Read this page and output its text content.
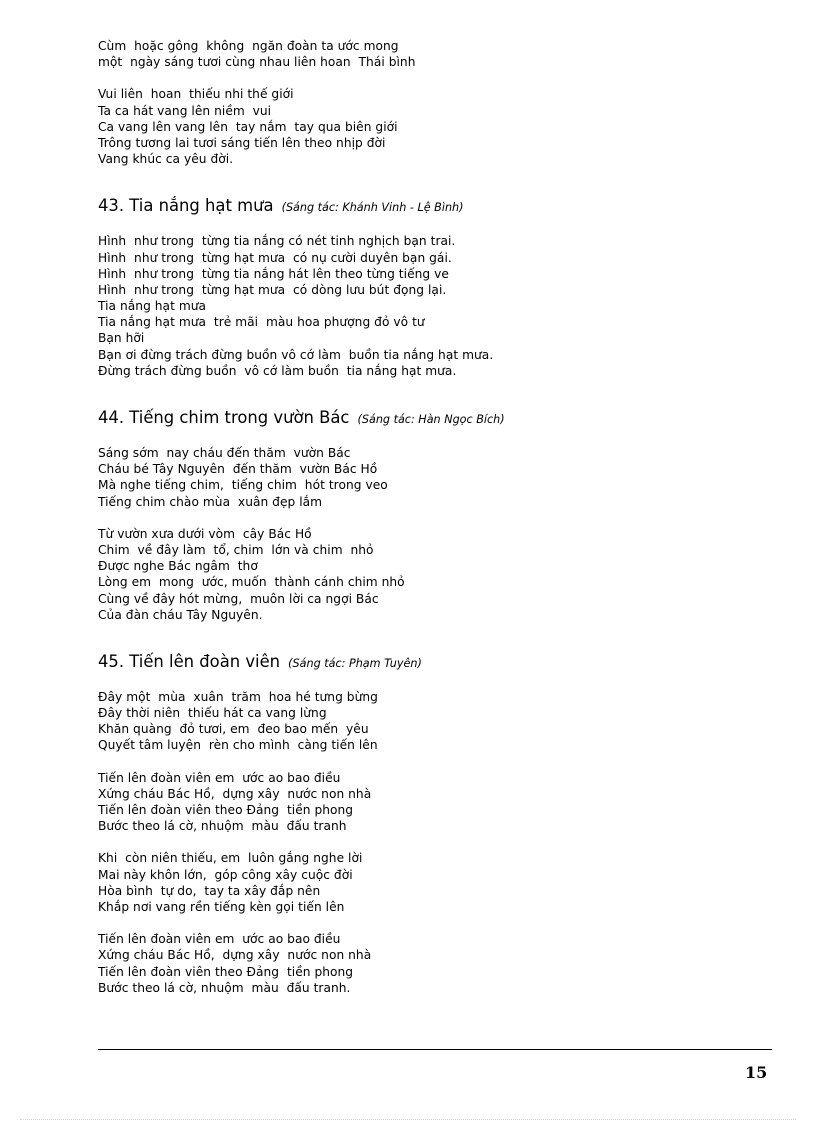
Cùm  hoặc gông  không  ngăn đoàn ta ước mong
một  ngày sáng tươi cùng nhau liên hoan  Thái bình
Vui liên  hoan  thiếu nhi thế giới
Ta ca hát vang lên niềm  vui
Ca vang lên vang lên  tay nắm  tay qua biên giới
Trông tương lai tươi sáng tiến lên theo nhịp đời
Vang khúc ca yêu đời.
43. Tia nắng hạt mưa (Sáng tác: Khánh Vinh - Lệ Bình)
Hình  như trong  từng tia nắng có nét tinh nghịch bạn trai.
Hình  như trong  từng hạt mưa  có nụ cười duyên bạn gái.
Hình  như trong  từng tia nắng hát lên theo từng tiếng ve
Hình  như trong  từng hạt mưa  có dòng lưu bút đọng lại.
Tia nắng hạt mưa
Tia nắng hạt mưa  trẻ mãi  màu hoa phượng đỏ vô tư
Bạn hỡi
Bạn ơi đừng trách đừng buồn vô cớ làm  buồn tia nắng hạt mưa.
Đừng trách đừng buồn  vô cớ làm buồn  tia nắng hạt mưa.
44. Tiếng chim trong vườn Bác (Sáng tác: Hàn Ngọc Bích)
Sáng sớm  nay cháu đến thăm  vườn Bác
Cháu bé Tây Nguyên  đến thăm  vườn Bác Hồ
Mà nghe tiếng chim,  tiếng chim  hót trong veo
Tiếng chim chào mùa  xuân đẹp lắm
Từ vườn xưa dưới vòm  cây Bác Hồ
Chim  về đây làm  tổ, chim  lớn và chim  nhỏ
Được nghe Bác ngâm  thơ
Lòng em  mong  ước, muốn  thành cánh chim nhỏ
Cùng về đây hót mừng,  muôn lời ca ngợi Bác
Của đàn cháu Tây Nguyên.
45. Tiến lên đoàn viên (Sáng tác: Phạm Tuyên)
Đây một  mùa  xuân  trăm  hoa hé tưng bừng
Đây thời niên  thiếu hát ca vang lừng
Khăn quàng  đỏ tươi, em  đeo bao mến  yêu
Quyết tâm luyện  rèn cho mình  càng tiến lên
Tiến lên đoàn viên em  ước ao bao điều
Xứng cháu Bác Hồ,  dựng xây  nước non nhà
Tiến lên đoàn viên theo Đảng  tiền phong
Bước theo lá cờ, nhuộm  màu  đấu tranh
Khi  còn niên thiếu, em  luôn gắng nghe lời
Mai này khôn lớn,  góp công xây cuộc đời
Hòa bình  tự do,  tay ta xây đắp nên
Khắp nơi vang rền tiếng kèn gọi tiến lên
Tiến lên đoàn viên em  ước ao bao điều
Xứng cháu Bác Hồ,  dựng xây  nước non nhà
Tiến lên đoàn viên theo Đảng  tiền phong
Bước theo lá cờ, nhuộm  màu  đấu tranh.
15
